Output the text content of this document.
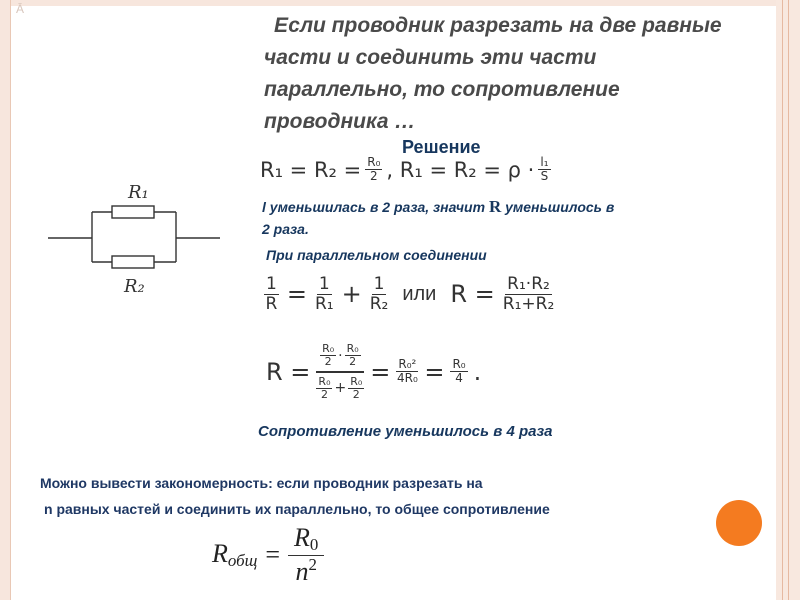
Ā
Если проводник разрезать на две равные
части и соединить эти части
параллельно, то сопротивление
проводника …
Решение
R₁
R₂
$R_1 = R_2 = \frac{\text{R₀}}{2}$ , $R_1 = R_2 = \rho \cdot \frac{\text{l₁}}{S}$
l уменьшилась в 2 раза, значит R уменьшилось в
2 раза.
При параллельном соединении
$\frac{1}{R} = \frac{1}{\text{R₁}} + \frac{1}{\text{R₂}}$ или $R = \frac{\text{R₁·R₂}}{\text{R₁+R₂}}$
R =
$\frac{\text{R₀}}{2} \cdot \frac{\text{R₀}}{2}$
$\frac{\text{R₀}}{2} + \frac{\text{R₀}}{2}$
= $\frac{\text{R₀²}}{\text{4R₀}} = \frac{\text{R₀}}{4}$ .
Сопротивление уменьшилось в 4 раза
Можно вывести закономерность: если проводник разрезать на
n равных частей и соединить их параллельно, то общее сопротивление
$R_{общ} = \frac{R_0}{n^2}$
